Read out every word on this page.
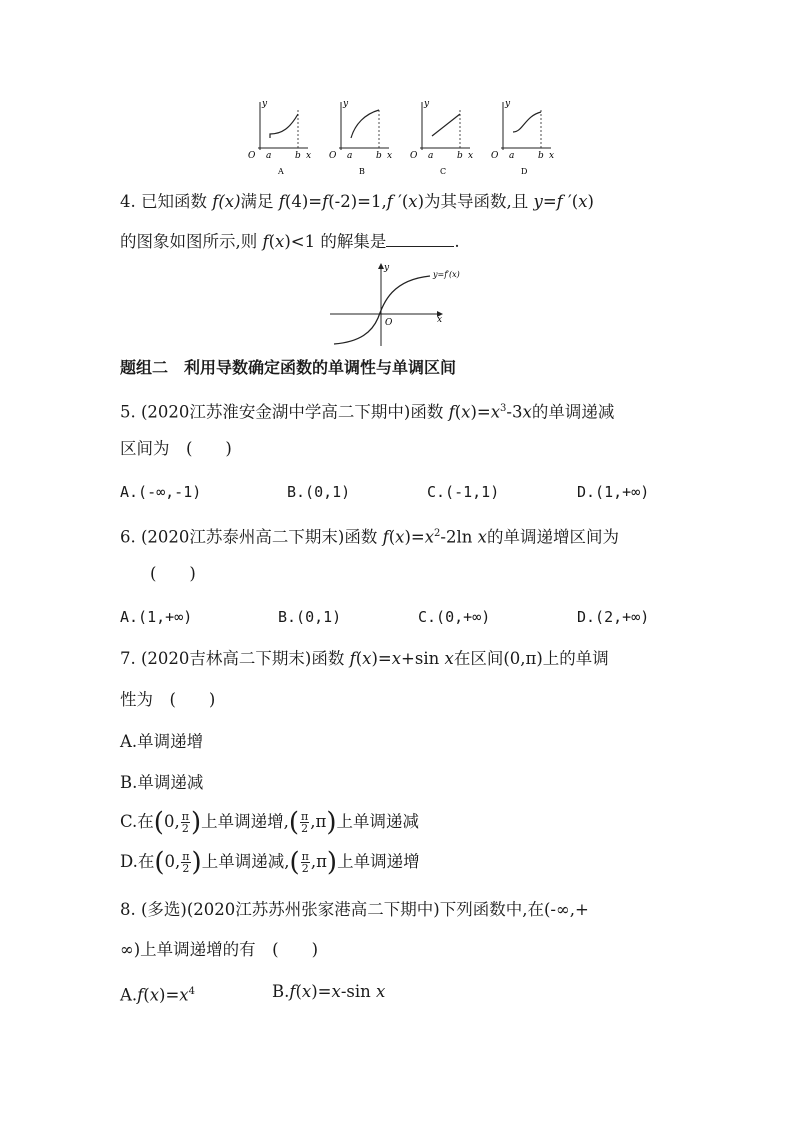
y
x
O a	b
A
y
x
O a	b
B
y
x
O a	b
C
y
x
O a	b
D
4. 已知函数 f(x)满足 f(4)=f(-2)=1,f ′(x)为其导函数,且 y=f ′(x)
的图象如图所示,则 f(x)<1 的解集是	.
y
x
O
y=f′(x)
题组二　利用导数确定函数的单调性与单调区间
5. (2020江苏淮安金湖中学高二下期中)函数 $f(x)=x^3-3x$的单调递减
区间为　(　　)
A.(-∞,-1)	B.(0,1)	C.(-1,1)	D.(1,+∞)
6. (2020江苏泰州高二下期末)函数 $f(x)=x^2-2\ln$ x的单调递增区间为
(　　)
A.(1,+∞)	B.(0,1)	C.(0,+∞)	D.(2,+∞)
7. (2020吉林高二下期末)函数 f(x)=x+sin x在区间(0,π)上的单调
性为　(　　)
A.单调递增
B.单调递减
C.在(0, $\frac{\pi}{2}$ )上单调递增,( $\frac{\pi}{2} ,\pi$)上单调递减
D.在(0, $\frac{\pi}{2}$ )上单调递减,( $\frac{\pi}{2} ,\pi$)上单调递增
8. (多选)(2020江苏苏州张家港高二下期中)下列函数中,在(-∞,+
∞)上单调递增的有　(　　)
$A.f(x)=x^4$	B.f(x)=x-sin x
